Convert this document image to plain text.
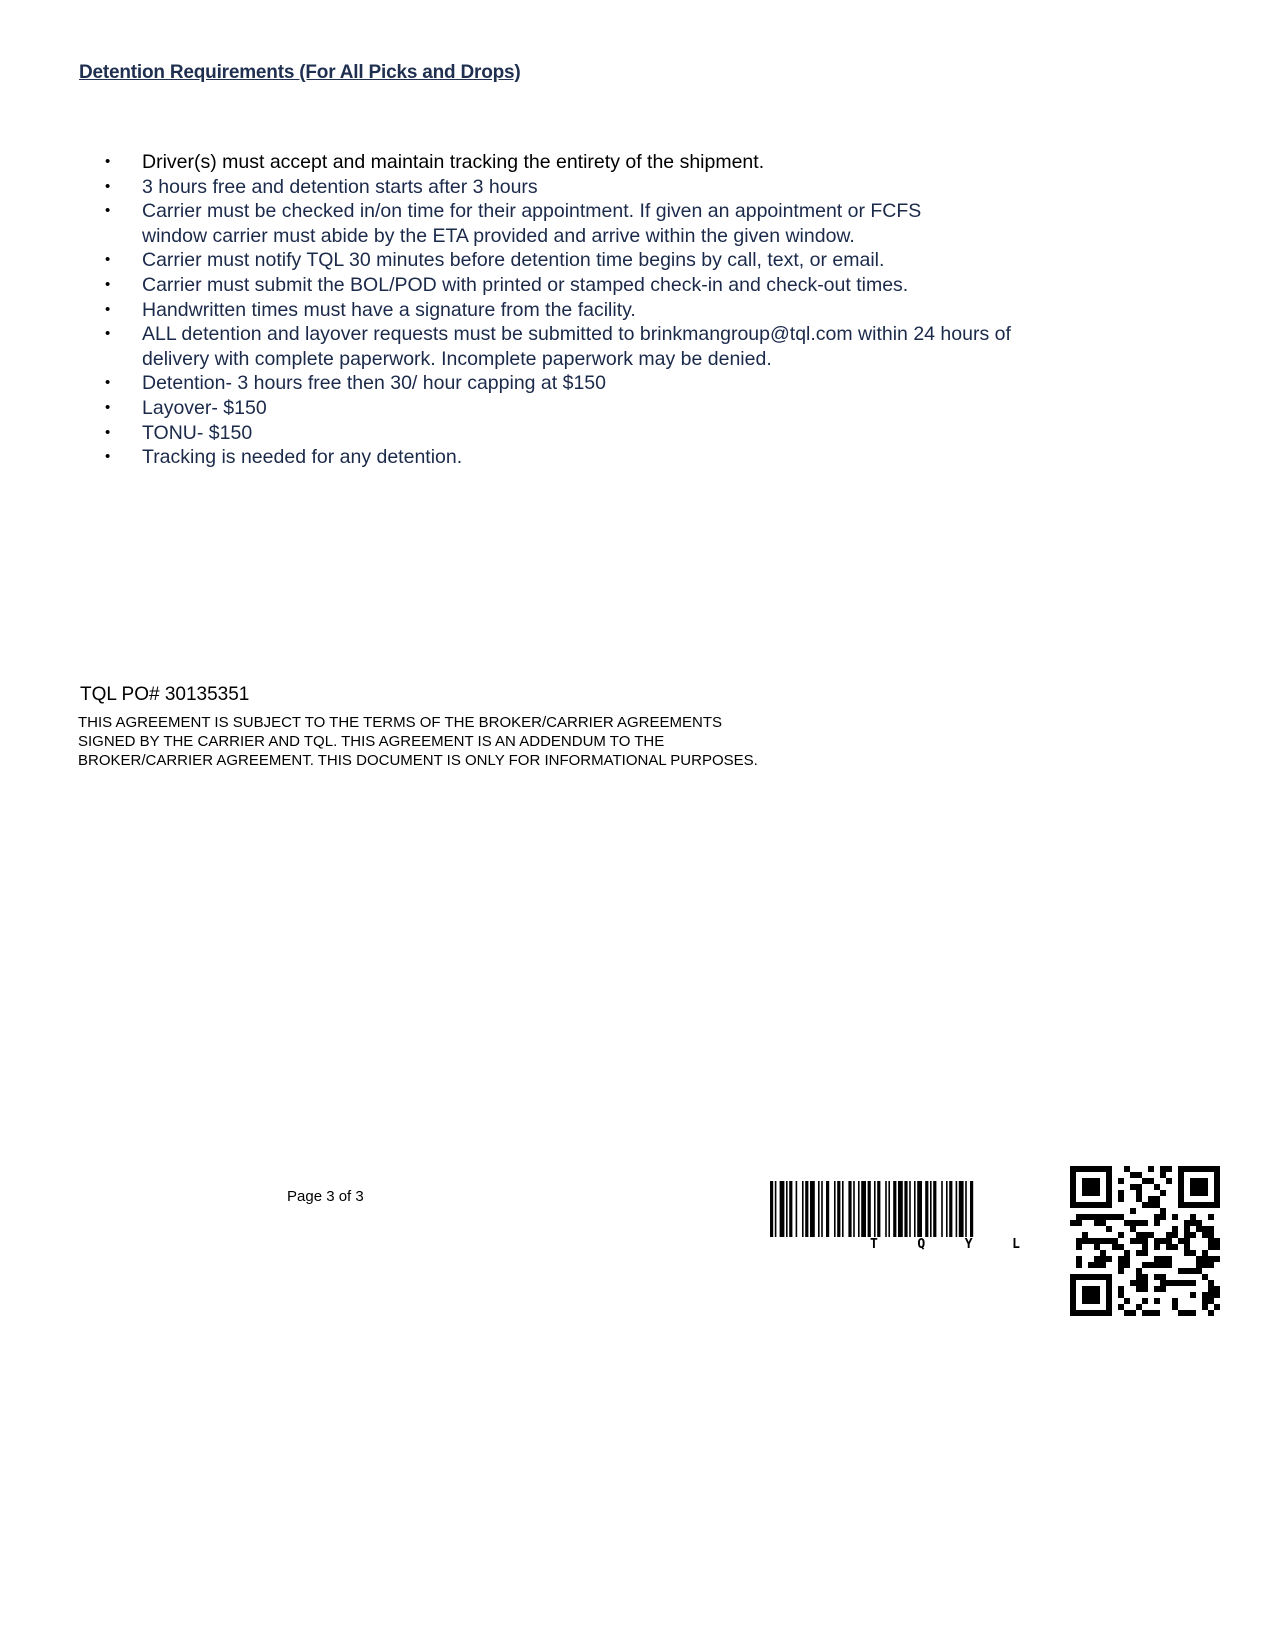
Detention Requirements (For All Picks and Drops)
• Driver(s) must accept and maintain tracking the entirety of the shipment.
• 3 hours free and detention starts after 3 hours
• Carrier must be checked in/on time for their appointment. If given an appointment or FCFS window carrier must abide by the ETA provided and arrive within the given window.
• Carrier must notify TQL 30 minutes before detention time begins by call, text, or email.
• Carrier must submit the BOL/POD with printed or stamped check-in and check-out times.
• Handwritten times must have a signature from the facility.
• ALL detention and layover requests must be submitted to brinkmangroup@tql.com within 24 hours of delivery with complete paperwork. Incomplete paperwork may be denied.
• Detention- 3 hours free then 30/ hour capping at $150
• Layover- $150
• TONU- $150
• Tracking is needed for any detention.
TQL PO# 30135351
THIS AGREEMENT IS SUBJECT TO THE TERMS OF THE BROKER/CARRIER AGREEMENTS SIGNED BY THE CARRIER AND TQL. THIS AGREEMENT IS AN ADDENDUM TO THE BROKER/CARRIER AGREEMENT. THIS DOCUMENT IS ONLY FOR INFORMATIONAL PURPOSES.
Page 3 of 3
T	Q	Y	L
